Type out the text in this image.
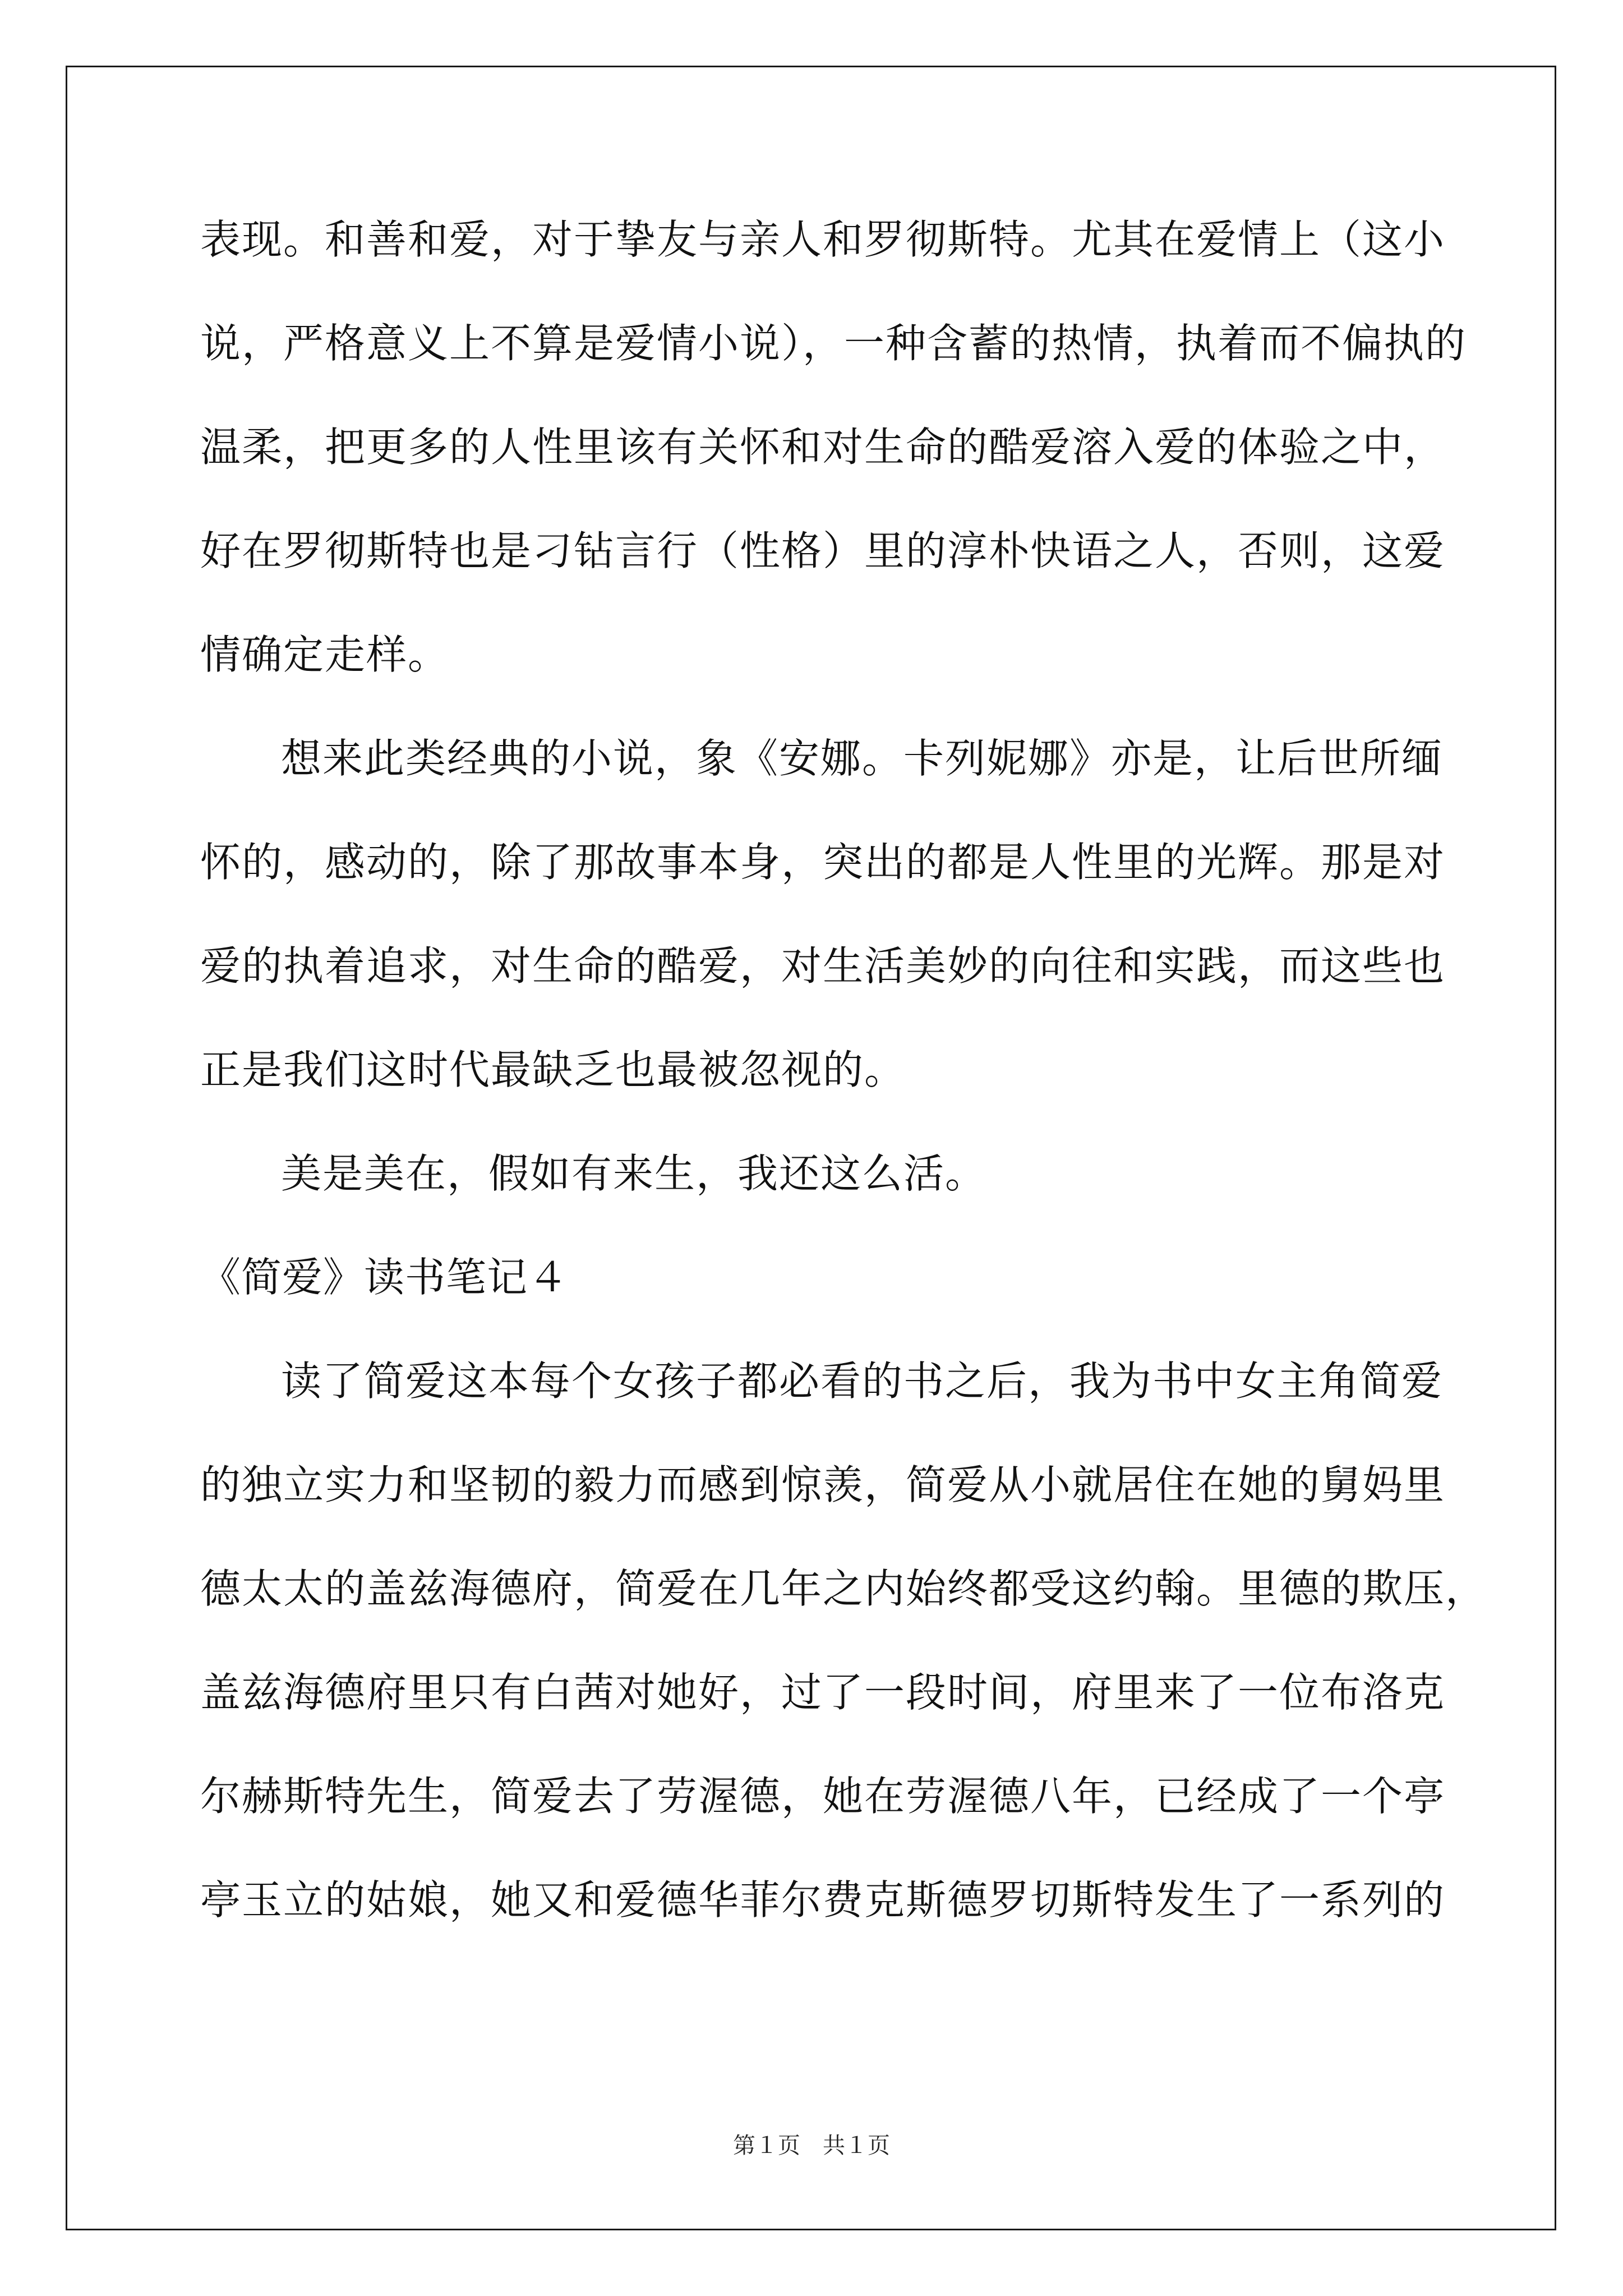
表现。和善和爱，对于挚友与亲人和罗彻斯特。尤其在爱情上（这小
说，严格意义上不算是爱情小说），一种含蓄的热情，执着而不偏执的
温柔，把更多的人性里该有关怀和对生命的酷爱溶入爱的体验之中，
好在罗彻斯特也是刁钻言行（性格）里的淳朴快语之人，否则，这爱
情确定走样。
想来此类经典的小说，象《安娜。卡列妮娜》亦是，让后世所缅
怀的，感动的，除了那故事本身，突出的都是人性里的光辉。那是对
爱的执着追求，对生命的酷爱，对生活美妙的向往和实践，而这些也
正是我们这时代最缺乏也最被忽视的。
美是美在，假如有来生，我还这么活。
《简爱》读书笔记４
读了简爱这本每个女孩子都必看的书之后，我为书中女主角简爱
的独立实力和坚韧的毅力而感到惊羡，简爱从小就居住在她的舅妈里
德太太的盖兹海德府，简爱在几年之内始终都受这约翰。里德的欺压，
盖兹海德府里只有白茜对她好，过了一段时间，府里来了一位布洛克
尔赫斯特先生，简爱去了劳渥德，她在劳渥德八年，已经成了一个亭
亭玉立的姑娘，她又和爱德华菲尔费克斯德罗切斯特发生了一系列的
第１页　共１页
